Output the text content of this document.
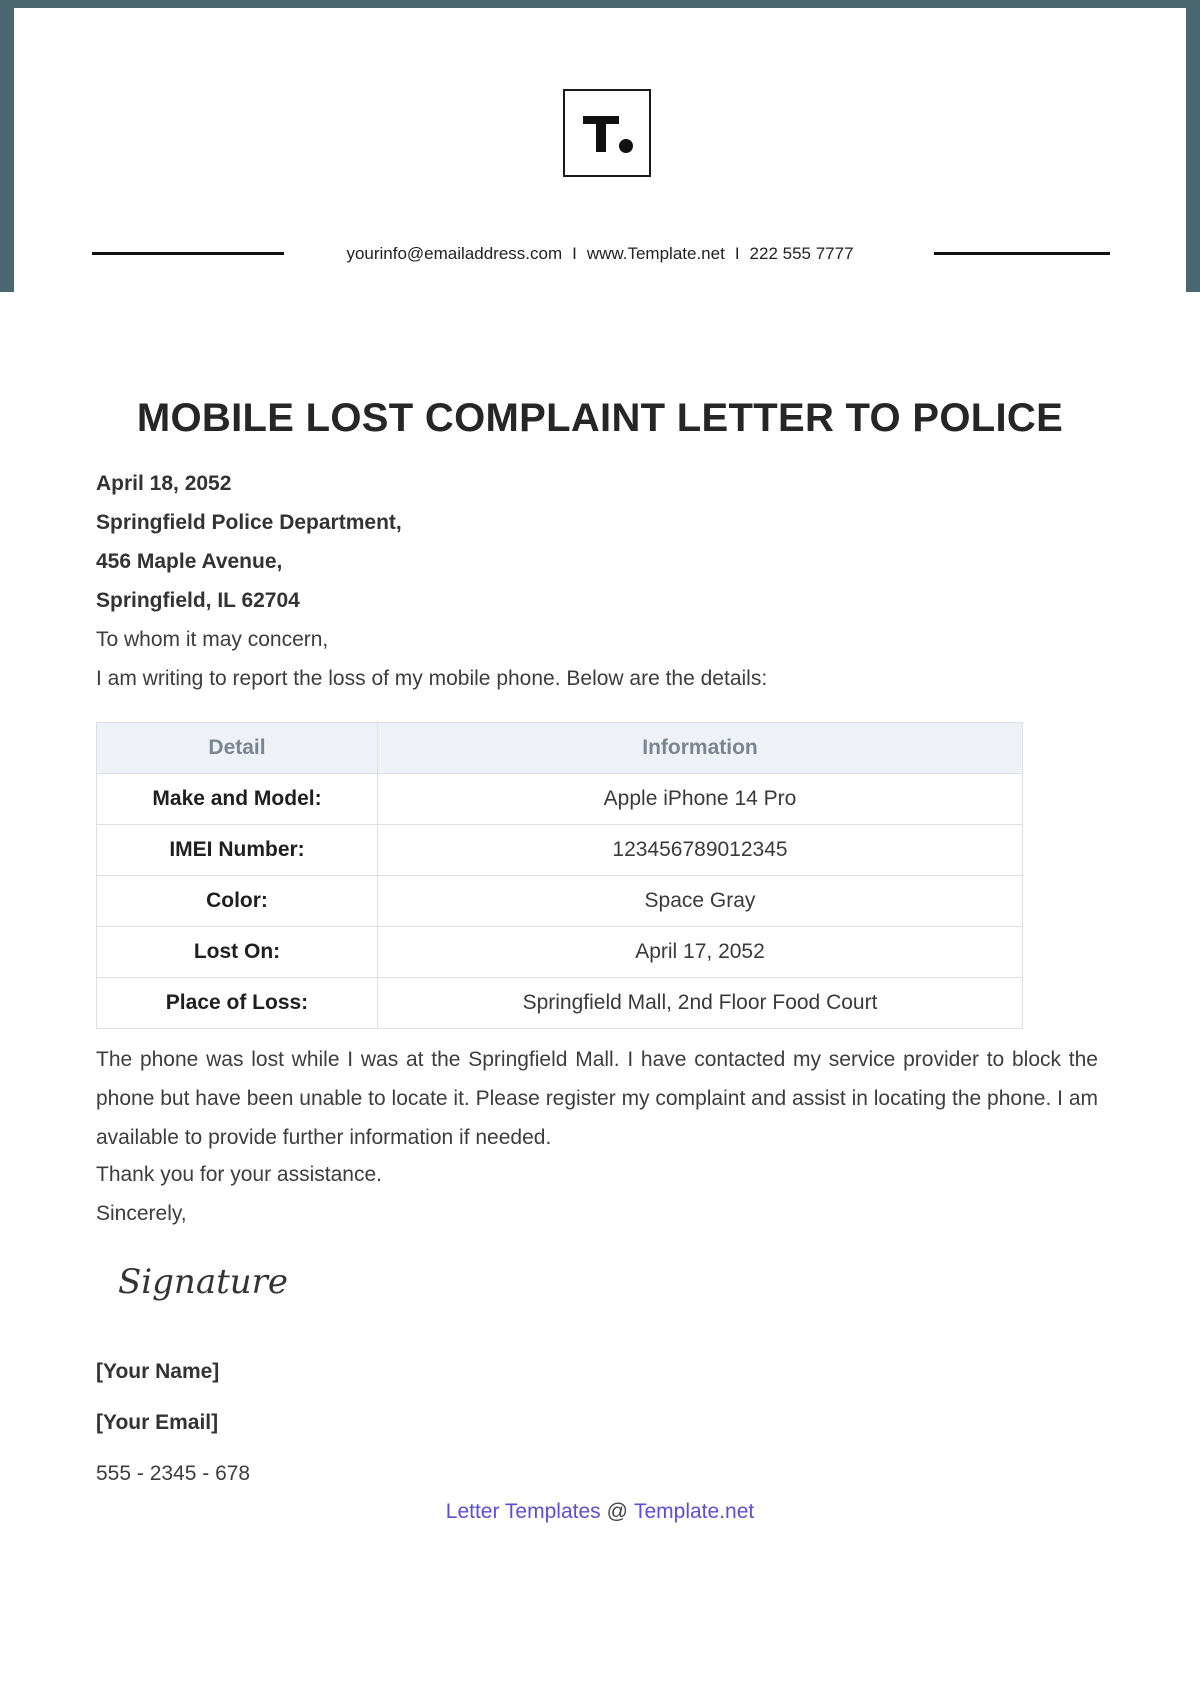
yourinfo@emailaddress.com I www.Template.net I 222 555 7777
MOBILE LOST COMPLAINT LETTER TO POLICE
April 18, 2052
Springfield Police Department,
456 Maple Avenue,
Springfield, IL 62704
To whom it may concern,
I am writing to report the loss of my mobile phone. Below are the details:
Detail	Information
Make and Model:	Apple iPhone 14 Pro
IMEI Number:	123456789012345
Color:	Space Gray
Lost On:	April 17, 2052
Place of Loss:	Springfield Mall, 2nd Floor Food Court
The phone was lost while I was at the Springfield Mall. I have contacted my service provider to block the phone but have been unable to locate it. Please register my complaint and assist in locating the phone. I am available to provide further information if needed.
Thank you for your assistance.
Sincerely,
Signature
[Your Name]
[Your Email]
555 - 2345 - 678
Letter Templates @ Template.net
